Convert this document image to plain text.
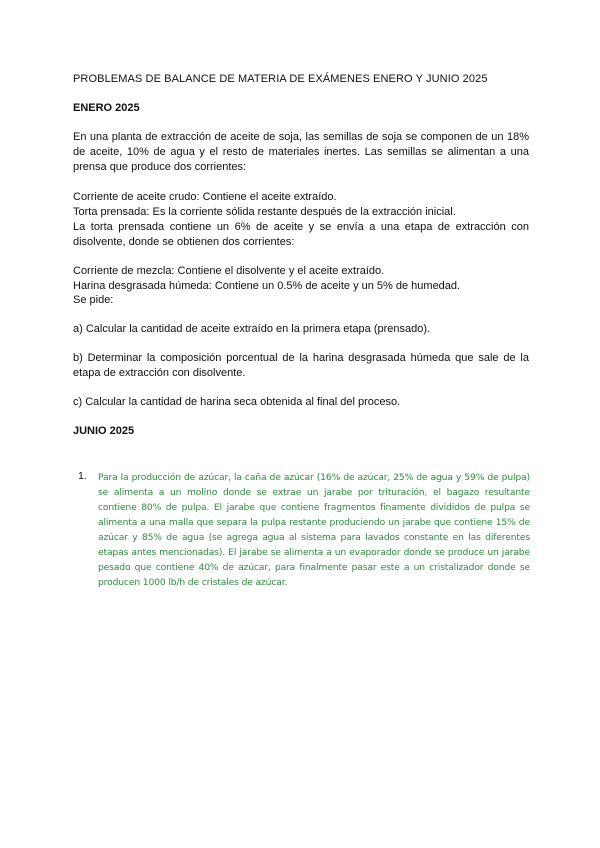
PROBLEMAS DE BALANCE DE MATERIA DE EXÁMENES ENERO Y JUNIO 2025
ENERO 2025
En una planta de extracción de aceite de soja, las semillas de soja se componen de un 18% de aceite, 10% de agua y el resto de materiales inertes. Las semillas se alimentan a una prensa que produce dos corrientes:
Corriente de aceite crudo: Contiene el aceite extraído.
Torta prensada: Es la corriente sólida restante después de la extracción inicial.
La torta prensada contiene un 6% de aceite y se envía a una etapa de extracción con disolvente, donde se obtienen dos corrientes:
Corriente de mezcla: Contiene el disolvente y el aceite extraído.
Harina desgrasada húmeda: Contiene un 0.5% de aceite y un 5% de humedad.
Se pide:
a) Calcular la cantidad de aceite extraído en la primera etapa (prensado).
b) Determinar la composición porcentual de la harina desgrasada húmeda que sale de la etapa de extracción con disolvente.
c) Calcular la cantidad de harina seca obtenida al final del proceso.
JUNIO 2025
1. Para la producción de azúcar, la caña de azúcar (16% de azúcar, 25% de agua y 59% de pulpa) se alimenta a un molino donde se extrae un jarabe por trituración, el bagazo resultante contiene 80% de pulpa. El jarabe que contiene fragmentos finamente divididos de pulpa se alimenta a una malla que separa la pulpa restante produciendo un jarabe que contiene 15% de azúcar y 85% de agua (se agrega agua al sistema para lavados constante en las diferentes etapas antes mencionadas). El jarabe se alimenta a un evaporador donde se produce un jarabe pesado que contiene 40% de azúcar, para finalmente pasar este a un cristalizador donde se producen 1000 lb/h de cristales de azúcar.
